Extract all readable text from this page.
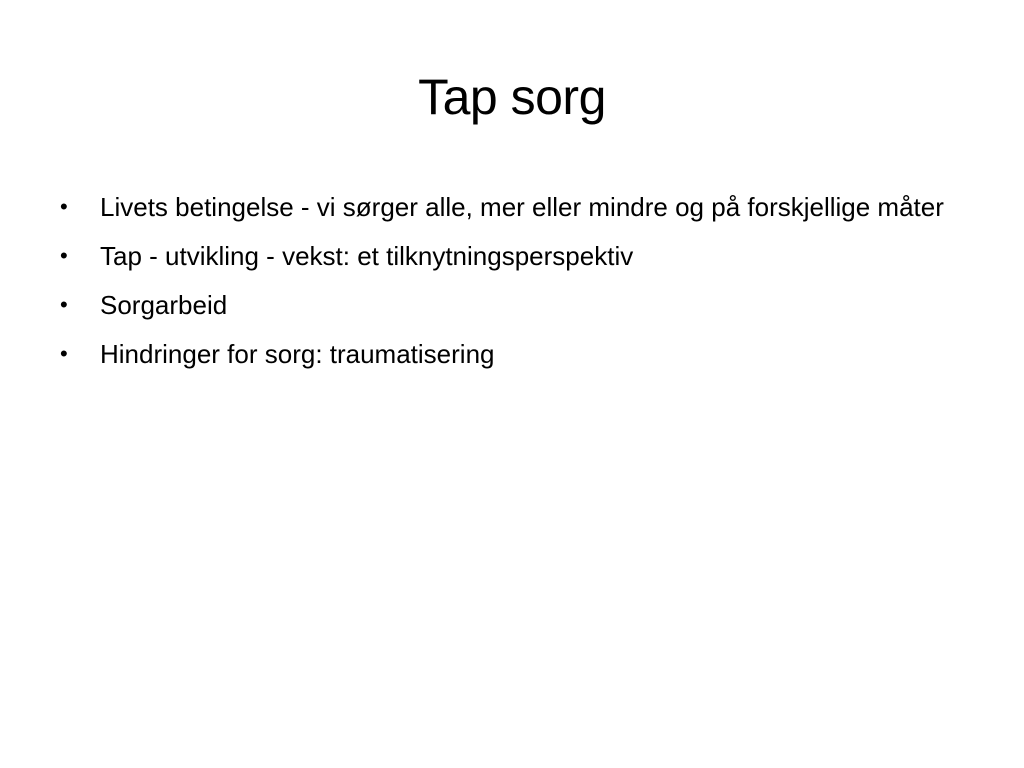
Tap sorg
•	Livets betingelse - vi sørger alle, mer eller mindre og på forskjellige måter
•	Tap - utvikling - vekst: et tilknytningsperspektiv
•	Sorgarbeid
•	Hindringer for sorg: traumatisering
